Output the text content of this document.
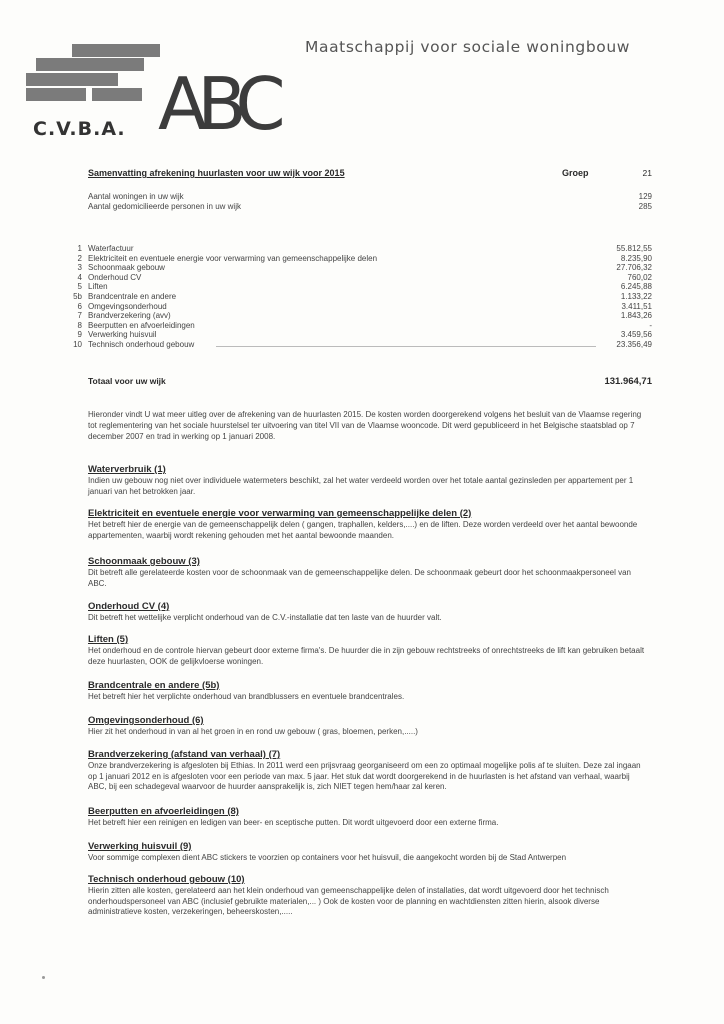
Maatschappij voor sociale woningbouw
ABC
C.V.B.A.
Samenvatting afrekening huurlasten voor uw wijk voor 2015	Groep	21
Aantal woningen in uw wijk	129
Aantal gedomicilieerde personen in uw wijk	285
1 Waterfactuur	55.812,55
2 Elektriciteit en eventuele energie voor verwarming van gemeenschappelijke delen	8.235,90
3 Schoonmaak gebouw	27.706,32
4 Onderhoud CV	760,02
5 Liften	6.245,88
5b Brandcentrale en andere	1.133,22
6 Omgevingsonderhoud	3.411,51
7 Brandverzekering (avv)	1.843,26
8 Beerputten en afvoerleidingen	-
9 Verwerking huisvuil	3.459,56
10 Technisch onderhoud gebouw	23.356,49
Totaal voor uw wijk	131.964,71
Hieronder vindt U wat meer uitleg over de afrekening van de huurlasten 2015. De kosten worden doorgerekend volgens het besluit van de Vlaamse regering tot reglementering van het sociale huurstelsel ter uitvoering van titel VII van de Vlaamse wooncode. Dit werd gepubliceerd in het Belgische staatsblad op 7 december 2007 en trad in werking op 1 januari 2008.
Waterverbruik (1)

Indien uw gebouw nog niet over individuele watermeters beschikt, zal het water verdeeld worden over het totale aantal gezinsleden per appartement per 1 januari van het betrokken jaar.

Elektriciteit en eventuele energie voor verwarming van gemeenschappelijke delen (2)

Het betreft hier de energie van de gemeenschappelijk delen ( gangen, traphallen, kelders,....) en de liften. Deze worden verdeeld over het aantal bewoonde appartementen, waarbij wordt rekening gehouden met het aantal bewoonde maanden.

Schoonmaak gebouw (3)

Dit betreft alle gerelateerde kosten voor de schoonmaak van de gemeenschappelijke delen. De schoonmaak gebeurt door het schoonmaakpersoneel van ABC.

Onderhoud CV (4)

Dit betreft het wettelijke verplicht onderhoud van de C.V.-installatie dat ten laste van de huurder valt.

Liften (5)

Het onderhoud en de controle hiervan gebeurt door externe firma's. De huurder die in zijn gebouw rechtstreeks of onrechtstreeks de lift kan gebruiken betaalt deze huurlasten, OOK de gelijkvloerse woningen.

Brandcentrale en andere (5b)

Het betreft hier het verplichte onderhoud van brandblussers en eventuele brandcentrales.

Omgevingsonderhoud (6)

Hier zit het onderhoud in van al het groen in en rond uw gebouw ( gras, bloemen, perken,.....)

Brandverzekering (afstand van verhaal) (7)

Onze brandverzekering is afgesloten bij Ethias. In 2011 werd een prijsvraag georganiseerd om een zo optimaal mogelijke polis af te sluiten. Deze zal ingaan op 1 januari 2012 en is afgesloten voor een periode van max. 5 jaar. Het stuk dat wordt doorgerekend in de huurlasten is het afstand van verhaal, waarbij ABC, bij een schadegeval waarvoor de huurder aansprakelijk is, zich NIET tegen hem/haar zal keren.

Beerputten en afvoerleidingen (8)

Het betreft hier een reinigen en ledigen van beer- en sceptische putten. Dit wordt uitgevoerd door een externe firma.

Verwerking huisvuil (9)

Voor sommige complexen dient ABC stickers te voorzien op containers voor het huisvuil, die aangekocht worden bij de Stad Antwerpen

Technisch onderhoud gebouw (10)

Hierin zitten alle kosten, gerelateerd aan het klein onderhoud van gemeenschappelijke delen of installaties, dat wordt uitgevoerd door het technisch onderhoudspersoneel van ABC (inclusief gebruikte materialen,... ) Ook de kosten voor de planning en wachtdiensten zitten hierin, alsook diverse administratieve kosten, verzekeringen, beheerskosten,.....
